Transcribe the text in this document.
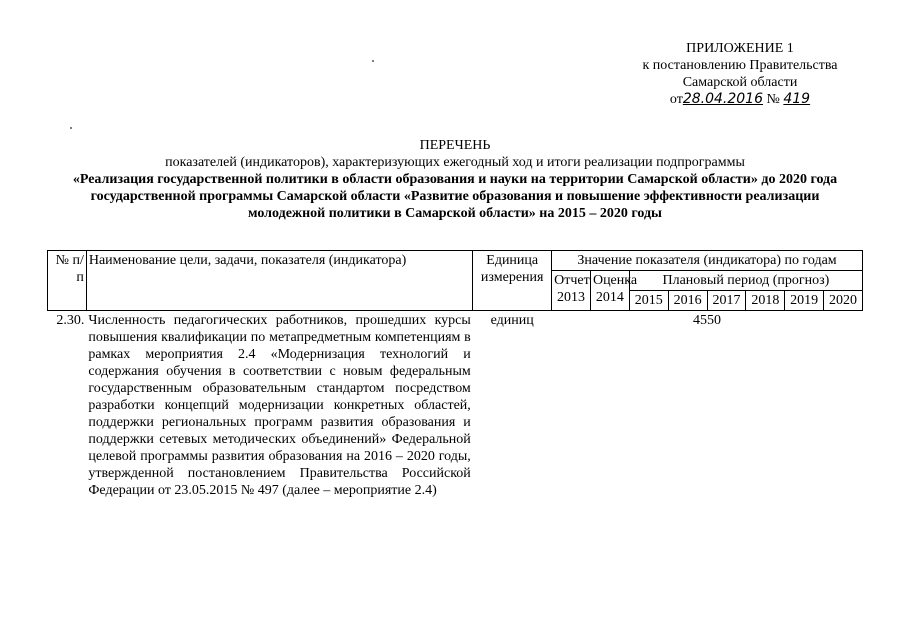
ПРИЛОЖЕНИЕ 1
к постановлению Правительства
Самарской области
от28.04.2016 № 419
ПЕРЕЧЕНЬ
показателей (индикаторов), характеризующих ежегодный ход и итоги реализации подпрограммы
«Реализация государственной политики в области образования и науки на территории Самарской области» до 2020 года
государственной программы Самарской области «Развитие образования и повышение эффективности реализации
молодежной политики в Самарской области» на 2015 – 2020 годы
№ п/п	Наименование цели, задачи, показателя (индикатора)	Единица измерения	Значение показателя (индикатора) по годам							
			Отчет 2013	Оценка 2014	Плановый период (прогноз)					
					2015	2016	2017	2018	2019	2020
2.30.	Численность педагогических работников, прошедших курсы повышения квалификации по метапредметным компетенциям в рамках мероприятия 2.4 «Модернизация технологий и содержания обучения в соответствии с новым федеральным государственным образовательным стандартом посредством разработки концепций модернизации конкретных областей, поддержки региональных программ развития образования и поддержки сетевых методических объединений» Федеральной целевой программы развития образования на 2016 – 2020 годы, утвержденной постановлением Правительства Российской Федерации от 23.05.2015 № 497 (далее – мероприятие 2.4)	единиц	4550							
